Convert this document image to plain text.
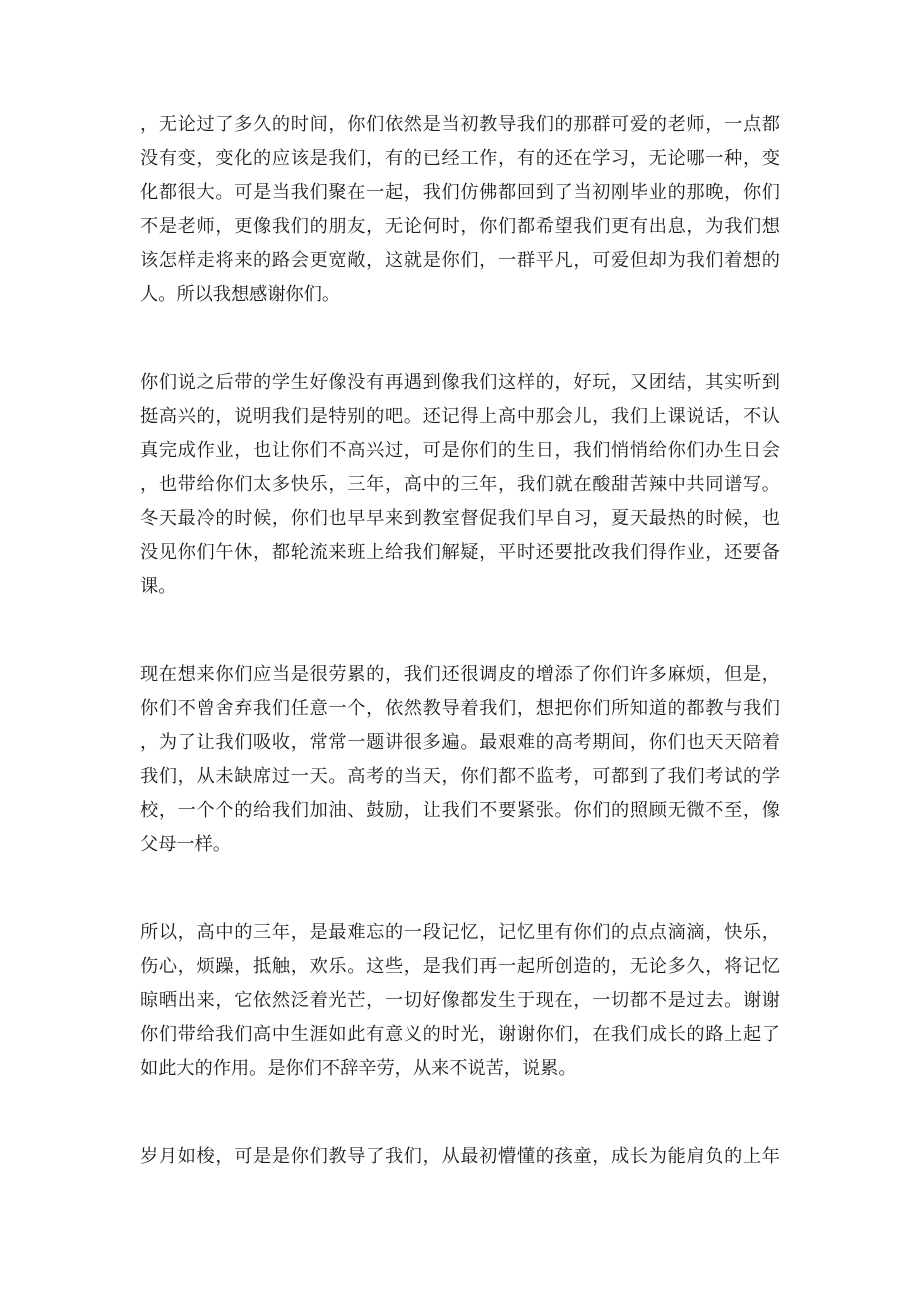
，无论过了多久的时间，你们依然是当初教导我们的那群可爱的老师，一点都
没有变，变化的应该是我们，有的已经工作，有的还在学习，无论哪一种，变
化都很大。可是当我们聚在一起，我们仿佛都回到了当初刚毕业的那晚，你们
不是老师，更像我们的朋友，无论何时，你们都希望我们更有出息，为我们想
该怎样走将来的路会更宽敞，这就是你们，一群平凡，可爱但却为我们着想的
人。所以我想感谢你们。
你们说之后带的学生好像没有再遇到像我们这样的，好玩，又团结，其实听到
挺高兴的，说明我们是特别的吧。还记得上高中那会儿，我们上课说话，不认
真完成作业，也让你们不高兴过，可是你们的生日，我们悄悄给你们办生日会
，也带给你们太多快乐，三年，高中的三年，我们就在酸甜苦辣中共同谱写。
冬天最冷的时候，你们也早早来到教室督促我们早自习，夏天最热的时候，也
没见你们午休，都轮流来班上给我们解疑，平时还要批改我们得作业，还要备
课。
现在想来你们应当是很劳累的，我们还很调皮的增添了你们许多麻烦，但是，
你们不曾舍弃我们任意一个，依然教导着我们，想把你们所知道的都教与我们
，为了让我们吸收，常常一题讲很多遍。最艰难的高考期间，你们也天天陪着
我们，从未缺席过一天。高考的当天，你们都不监考，可都到了我们考试的学
校，一个个的给我们加油、鼓励，让我们不要紧张。你们的照顾无微不至，像
父母一样。
所以，高中的三年，是最难忘的一段记忆，记忆里有你们的点点滴滴，快乐，
伤心，烦躁，抵触，欢乐。这些，是我们再一起所创造的，无论多久，将记忆
晾晒出来，它依然泛着光芒，一切好像都发生于现在，一切都不是过去。谢谢
你们带给我们高中生涯如此有意义的时光，谢谢你们，在我们成长的路上起了
如此大的作用。是你们不辞辛劳，从来不说苦，说累。
岁月如梭，可是是你们教导了我们，从最初懵懂的孩童，成长为能肩负的上年
